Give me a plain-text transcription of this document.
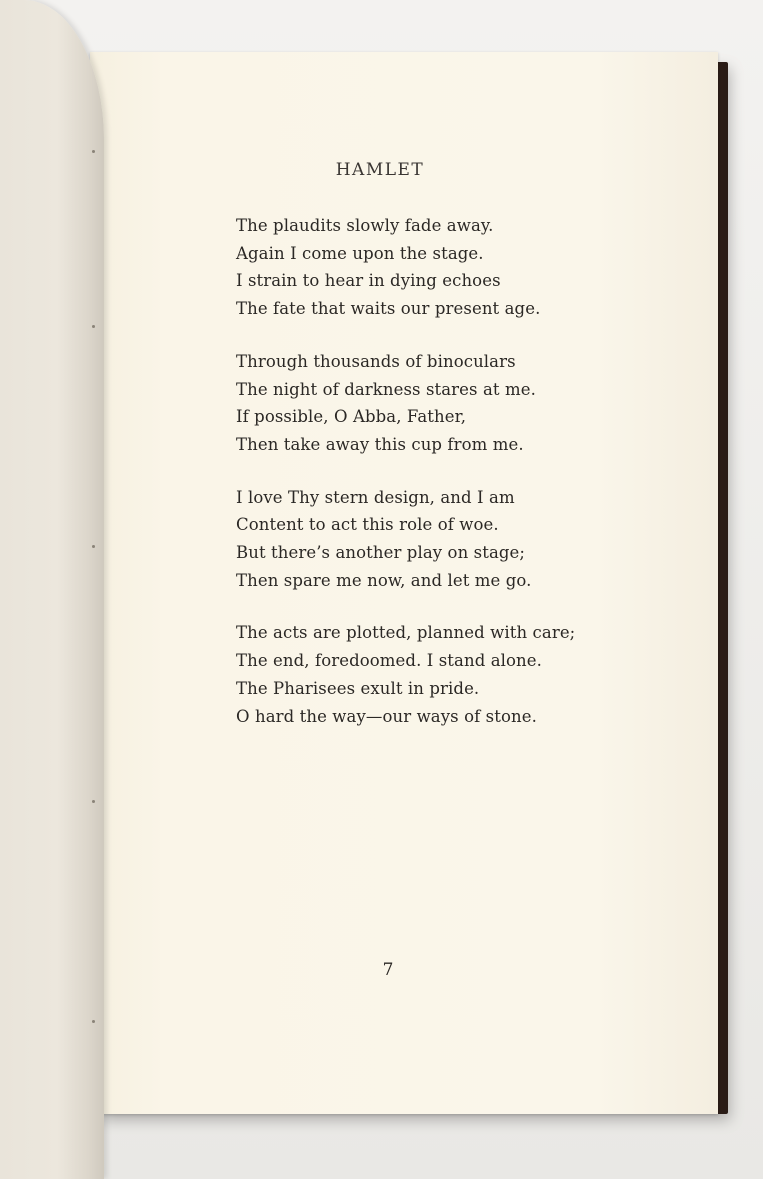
HAMLET
The plaudits slowly fade away.
Again I come upon the stage.
I strain to hear in dying echoes
The fate that waits our present age.
Through thousands of binoculars
The night of darkness stares at me.
If possible, O Abba, Father,
Then take away this cup from me.
I love Thy stern design, and I am
Content to act this role of woe.
But there’s another play on stage;
Then spare me now, and let me go.
The acts are plotted, planned with care;
The end, foredoomed. I stand alone.
The Pharisees exult in pride.
O hard the way—our ways of stone.
7
